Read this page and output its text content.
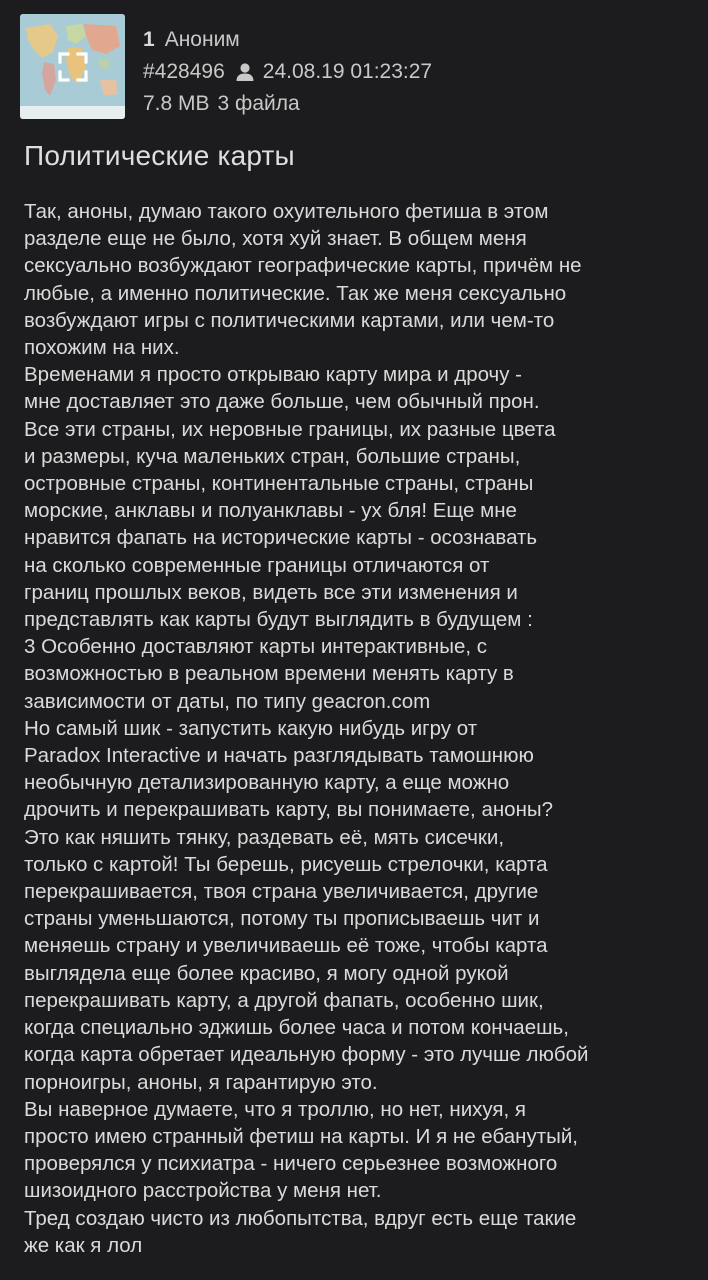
1 Аноним
#428496 24.08.19 01:23:27
7.8 MB 3 файла
Политические карты

Так, аноны, думаю такого охуительного фетиша в этом

разделе еще не было, хотя хуй знает. В общем меня

сексуально возбуждают географические карты, причём не

любые, а именно политические. Так же меня сексуально

возбуждают игры с политическими картами, или чем-то

похожим на них.

Временами я просто открываю карту мира и дрочу -

мне доставляет это даже больше, чем обычный прон.

Все эти страны, их неровные границы, их разные цвета

и размеры, куча маленьких стран, большие страны,

островные страны, континентальные страны, страны

морские, анклавы и полуанклавы - ух бля! Еще мне

нравится фапать на исторические карты - осознавать

на сколько современные границы отличаются от

границ прошлых веков, видеть все эти изменения и

представлять как карты будут выглядить в будущем :

3 Особенно доставляют карты интерактивные, с

возможностью в реальном времени менять карту в

зависимости от даты, по типу geacron.com

Но самый шик - запустить какую нибудь игру от

Paradox Interactive и начать разглядывать тамошнюю

необычную детализированную карту, а еще можно

дрочить и перекрашивать карту, вы понимаете, аноны?

Это как няшить тянку, раздевать её, мять сисечки,

только с картой! Ты берешь, рисуешь стрелочки, карта

перекрашивается, твоя страна увеличивается, другие

страны уменьшаются, потому ты прописываешь чит и

меняешь страну и увеличиваешь её тоже, чтобы карта

выглядела еще более красиво, я могу одной рукой

перекрашивать карту, а другой фапать, особенно шик,

когда специально эджишь более часа и потом кончаешь,

когда карта обретает идеальную форму - это лучше любой

порноигры, аноны, я гарантирую это.

Вы наверное думаете, что я троллю, но нет, нихуя, я

просто имею странный фетиш на карты. И я не ебанутый,

проверялся у психиатра - ничего серьезнее возможного

шизоидного расстройства у меня нет.

Тред создаю чисто из любопытства, вдруг есть еще такие

же как я лол
